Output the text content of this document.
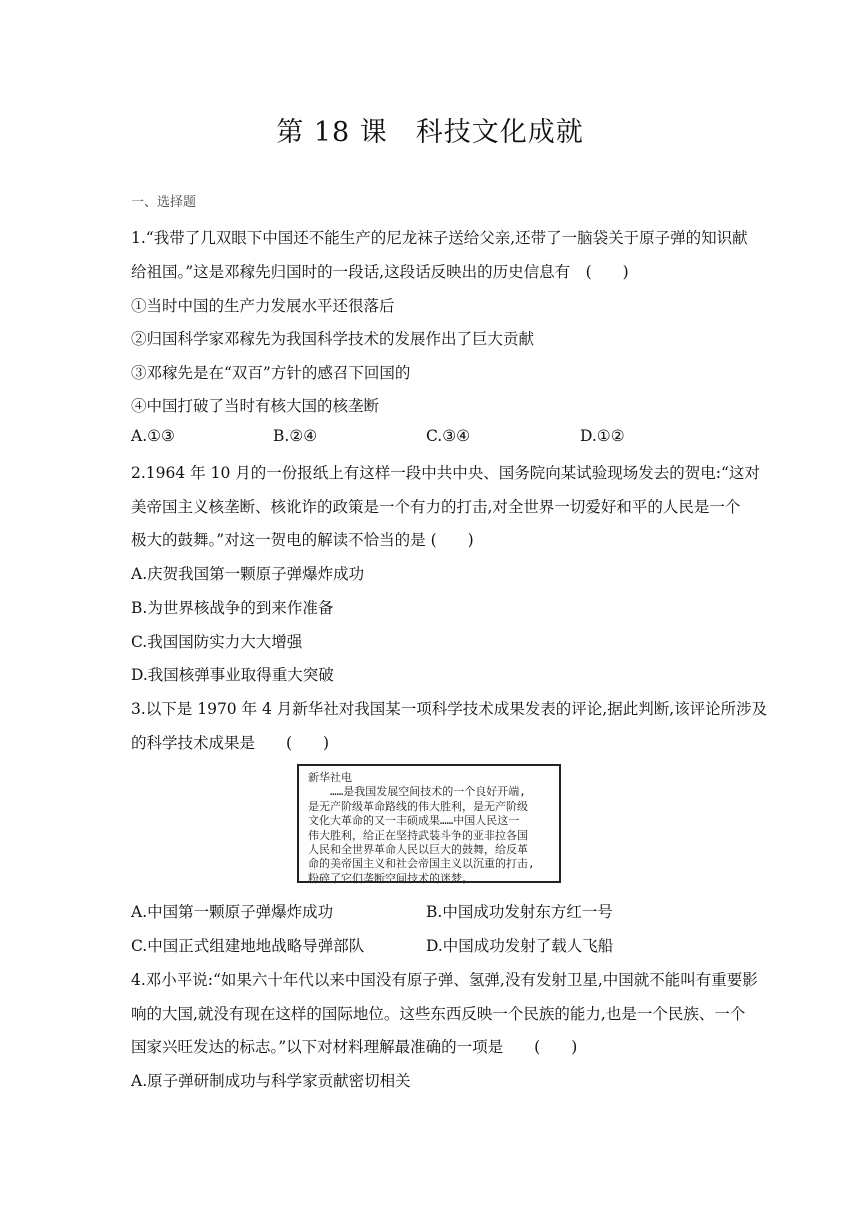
第 18 课　科技文化成就
一、选择题
1.“我带了几双眼下中国还不能生产的尼龙袜子送给父亲,还带了一脑袋关于原子弹的知识献
给祖国。”这是邓稼先归国时的一段话,这段话反映出的历史信息有　(　　)
①当时中国的生产力发展水平还很落后
②归国科学家邓稼先为我国科学技术的发展作出了巨大贡献
③邓稼先是在“双百”方针的感召下回国的
④中国打破了当时有核大国的核垄断
A.①③	B.②④	C.③④	D.①②
2.1964 年 10 月的一份报纸上有这样一段中共中央、国务院向某试验现场发去的贺电:“这对
美帝国主义核垄断、核讹诈的政策是一个有力的打击,对全世界一切爱好和平的人民是一个
极大的鼓舞。”对这一贺电的解读不恰当的是 (　　)
A.庆贺我国第一颗原子弹爆炸成功
B.为世界核战争的到来作准备
C.我国国防实力大大增强
D.我国核弹事业取得重大突破
3.以下是 1970 年 4 月新华社对我国某一项科学技术成果发表的评论,据此判断,该评论所涉及
的科学技术成果是　　(　　)
新华社电
　　……是我国发展空间技术的一个良好开端,
是无产阶级革命路线的伟大胜利，是无产阶级
文化大革命的又一丰硕成果……中国人民这一
伟大胜利，给正在坚持武装斗争的亚非拉各国
人民和全世界革命人民以巨大的鼓舞，给反革
命的美帝国主义和社会帝国主义以沉重的打击,
粉碎了它们垄断空间技术的迷梦。
A.中国第一颗原子弹爆炸成功	B.中国成功发射东方红一号
C.中国正式组建地地战略导弹部队	D.中国成功发射了载人飞船
4.邓小平说:“如果六十年代以来中国没有原子弹、氢弹,没有发射卫星,中国就不能叫有重要影
响的大国,就没有现在这样的国际地位。这些东西反映一个民族的能力,也是一个民族、一个
国家兴旺发达的标志。”以下对材料理解最准确的一项是　　(　　)
A.原子弹研制成功与科学家贡献密切相关
